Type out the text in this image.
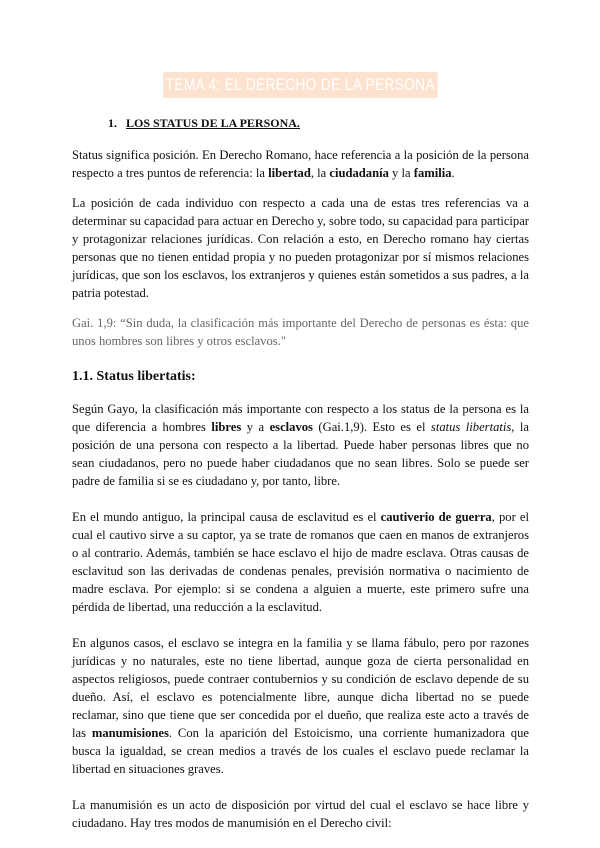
TEMA 4: EL DERECHO DE LA PERSONA
1. LOS STATUS DE LA PERSONA.

Status significa posición. En Derecho Romano, hace referencia a la posición de la persona respecto a tres puntos de referencia: la libertad, la ciudadanía y la familia.

La posición de cada individuo con respecto a cada una de estas tres referencias va a determinar su capacidad para actuar en Derecho y, sobre todo, su capacidad para participar y protagonizar relaciones jurídicas. Con relación a esto, en Derecho romano hay ciertas personas que no tienen entidad propia y no pueden protagonizar por sí mismos relaciones jurídicas, que son los esclavos, los extranjeros y quienes están sometidos a sus padres, a la patria potestad.

Gai. 1,9: “Sin duda, la clasificación más importante del Derecho de personas es ésta: que unos hombres son libres y otros esclavos."

1.1. Status libertatis:

Según Gayo, la clasificación más importante con respecto a los status de la persona es la que diferencia a hombres libres y a esclavos (Gai.1,9). Esto es el status libertatis, la posición de una persona con respecto a la libertad. Puede haber personas libres que no sean ciudadanos, pero no puede haber ciudadanos que no sean libres. Solo se puede ser padre de familia si se es ciudadano y, por tanto, libre.

En el mundo antiguo, la principal causa de esclavitud es el cautiverio de guerra, por el cual el cautivo sirve a su captor, ya se trate de romanos que caen en manos de extranjeros o al contrario. Además, también se hace esclavo el hijo de madre esclava. Otras causas de esclavitud son las derivadas de condenas penales, previsión normativa o nacimiento de madre esclava. Por ejemplo: si se condena a alguien a muerte, este primero sufre una pérdida de libertad, una reducción a la esclavitud.

En algunos casos, el esclavo se integra en la familia y se llama fábulo, pero por razones jurídicas y no naturales, este no tiene libertad, aunque goza de cierta personalidad en aspectos religiosos, puede contraer contubernios y su condición de esclavo depende de su dueño. Así, el esclavo es potencialmente libre, aunque dicha libertad no se puede reclamar, sino que tiene que ser concedida por el dueño, que realiza este acto a través de las manumisiones. Con la aparición del Estoicismo, una corriente humanizadora que busca la igualdad, se crean medios a través de los cuales el esclavo puede reclamar la libertad en situaciones graves.

La manumisión es un acto de disposición por virtud del cual el esclavo se hace libre y ciudadano. Hay tres modos de manumisión en el Derecho civil:
